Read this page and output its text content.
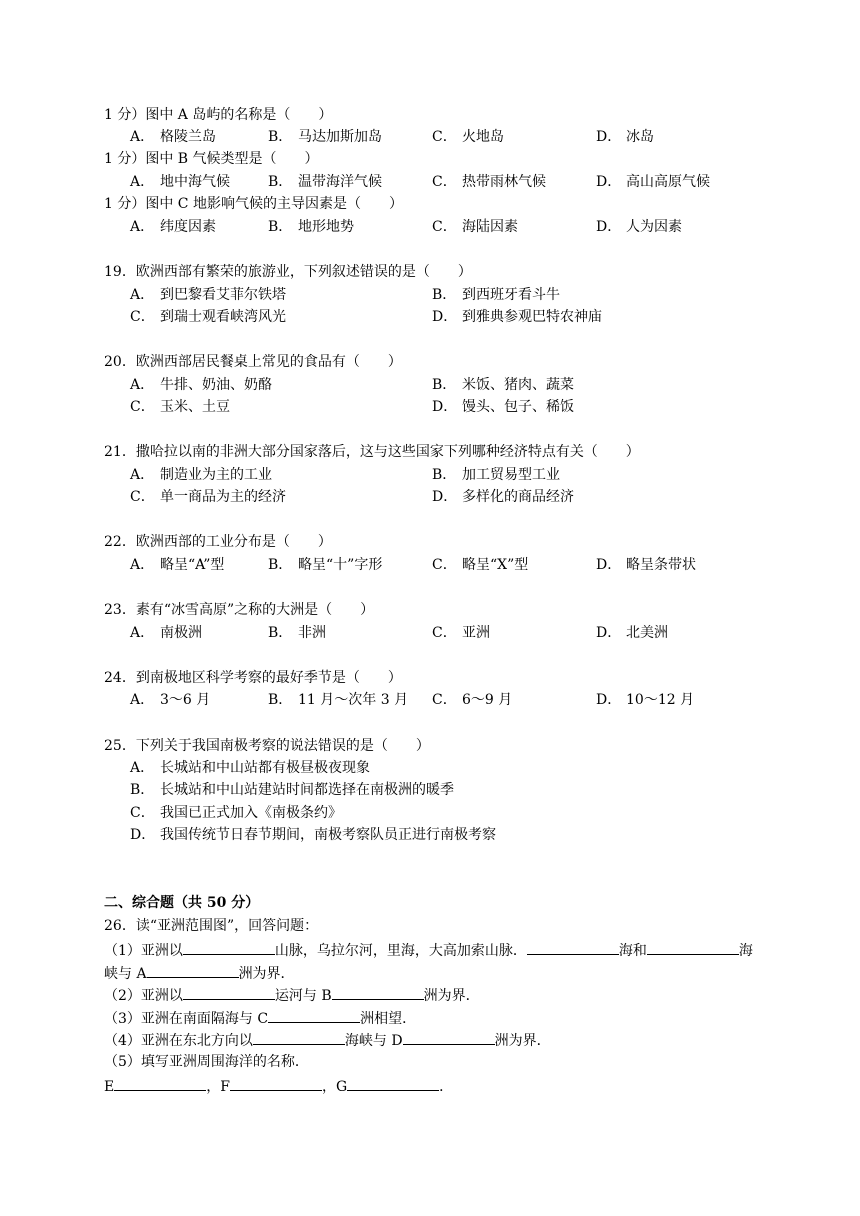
1 分）图中 A 岛屿的名称是（　　）
A． 格陵兰岛	B． 马达加斯加岛	C． 火地岛	D． 冰岛
1 分）图中 B 气候类型是（　　）
A． 地中海气候	B． 温带海洋气候	C． 热带雨林气候	D． 高山高原气候
1 分）图中 C 地影响气候的主导因素是（　　）
A． 纬度因素	B． 地形地势	C． 海陆因素	D． 人为因素
19．欧洲西部有繁荣的旅游业，下列叙述错误的是（　　）
A． 到巴黎看艾菲尔铁塔	B． 到西班牙看斗牛
C． 到瑞士观看峡湾风光	D． 到雅典参观巴特农神庙
20．欧洲西部居民餐桌上常见的食品有（　　）
A． 牛排、奶油、奶酪	B． 米饭、猪肉、蔬菜
C． 玉米、土豆	D． 馒头、包子、稀饭
21．撒哈拉以南的非洲大部分国家落后，这与这些国家下列哪种经济特点有关（　　）
A． 制造业为主的工业	B． 加工贸易型工业
C． 单一商品为主的经济	D． 多样化的商品经济
22．欧洲西部的工业分布是（　　）
A． 略呈“A”型	B． 略呈“十”字形	C． 略呈“X”型	D． 略呈条带状
23．素有“冰雪高原”之称的大洲是（　　）
A． 南极洲	B． 非洲	C． 亚洲	D． 北美洲
24．到南极地区科学考察的最好季节是（　　）
A． 3～6 月	B． 11 月～次年 3 月 C． 6～9 月	D． 10～12 月
25．下列关于我国南极考察的说法错误的是（　　）
A． 长城站和中山站都有极昼极夜现象
B． 长城站和中山站建站时间都选择在南极洲的暖季
C． 我国已正式加入《南极条约》
D． 我国传统节日春节期间，南极考察队员正进行南极考察
二、综合题（共 50 分）
26．读“亚洲范围图”，回答问题：
（1）亚洲以	山脉，乌拉尔河，里海，大高加索山脉．	海和	海
峡与 A	洲为界．
（2）亚洲以	运河与 B	洲为界．
（3）亚洲在南面隔海与 C	洲相望．
（4）亚洲在东北方向以	海峡与 D	洲为界．
（5）填写亚洲周围海洋的名称．
E	，F	，G	．
